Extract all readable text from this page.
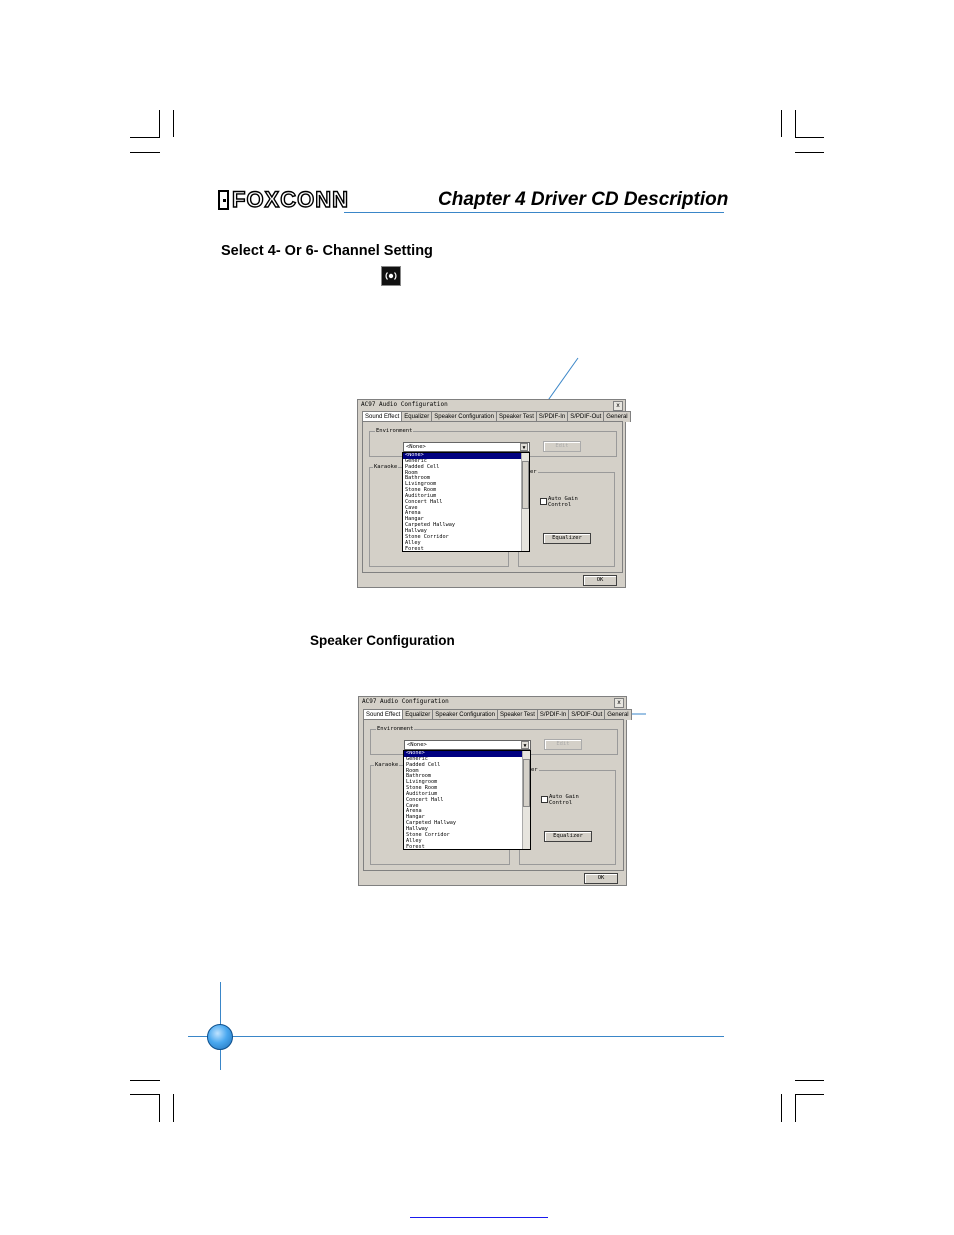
FOXCONN	Chapter 4 Driver CD Description
Select 4- Or 6- Channel Setting
AC97 Audio Configuration	x
Sound Effect Equalizer Speaker Configuration Speaker Test S/PDIF-In S/PDIF-Out General
Environment
<None>	▼	Edit
Karaoke
er
Auto Gain
Control
Equalizer
<None>
Generic
Padded Cell
Room
Bathroom
Livingroom
Stone Room
Auditorium
Concert Hall
Cave
Arena
Hangar
Carpeted Hallway
Hallway
Stone Corridor
Alley
Forest
OK
Speaker Configuration
AC97 Audio Configuration	x
Sound Effect Equalizer Speaker Configuration Speaker Test S/PDIF-In S/PDIF-Out General
Environment
<None>	▼	Edit
Karaoke
er
Auto Gain
Control
Equalizer
<None>
Generic
Padded Cell
Room
Bathroom
Livingroom
Stone Room
Auditorium
Concert Hall
Cave
Arena
Hangar
Carpeted Hallway
Hallway
Stone Corridor
Alley
Forest
OK
